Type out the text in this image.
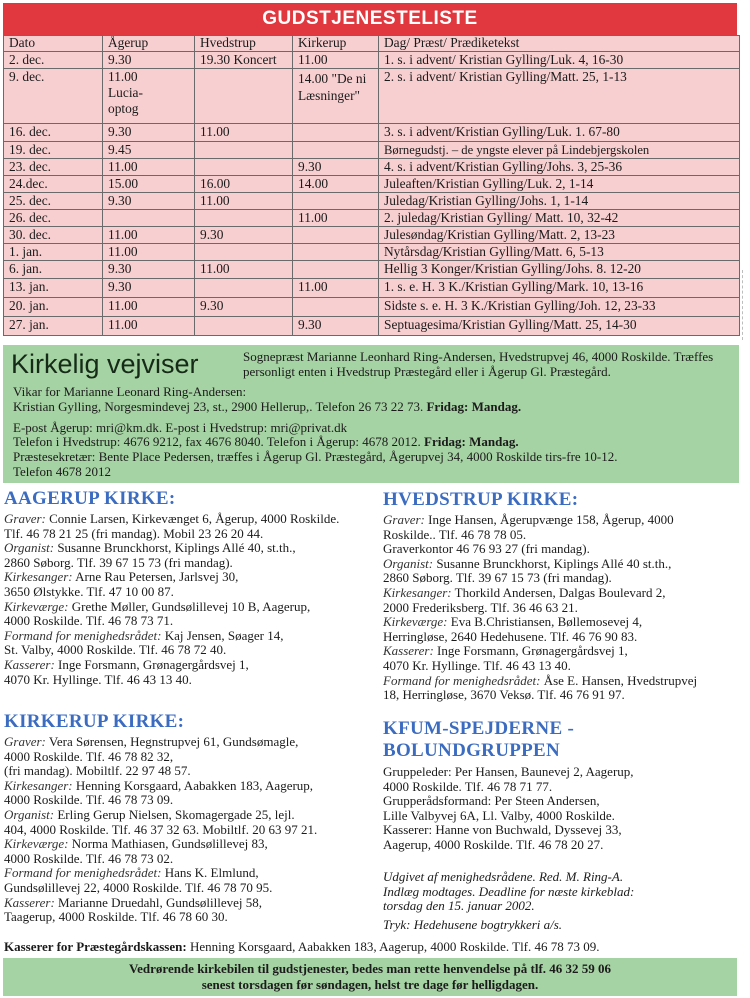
GUDSTJENESTELISTE
Dato	Ågerup	Hvedstrup	Kirkerup	Dag/ Præst/ Prædiketekst
2. dec.	9.30	19.30 Koncert	11.00	1. s. i advent/ Kristian Gylling/Luk. 4, 16-30
9. dec.	11.00 Lucia-optog		14.00 "De ni Læsninger"	2. s. i advent/ Kristian Gylling/Matt. 25, 1-13
16. dec.	9.30	11.00		3. s. i advent/Kristian Gylling/Luk. 1. 67-80
19. dec.	9.45			Børnegudstj. – de yngste elever på Lindebjergskolen
23. dec.	11.00		9.30	4. s. i advent/Kristian Gylling/Johs. 3, 25-36
24.dec.	15.00	16.00	14.00	Juleaften/Kristian Gylling/Luk. 2, 1-14
25. dec.	9.30	11.00		Juledag/Kristian Gylling/Johs. 1, 1-14
26. dec.			11.00	2. juledag/Kristian Gylling/ Matt. 10, 32-42
30. dec.	11.00	9.30		Julesøndag/Kristian Gylling/Matt. 2, 13-23
1. jan.	11.00			Nytårsdag/Kristian Gylling/Matt. 6, 5-13
6. jan.	9.30	11.00		Hellig 3 Konger/Kristian Gylling/Johs. 8. 12-20
13. jan.	9.30		11.00	1. s. e. H. 3 K./Kristian Gylling/Mark. 10, 13-16
20. jan.	11.00	9.30		Sidste s. e. H. 3 K./Kristian Gylling/Joh. 12, 23-33
27. jan.	11.00		9.30	Septuagesima/Kristian Gylling/Matt. 25, 14-30
Kirkelig vejviser	Sognepræst Marianne Leonhard Ring-Andersen, Hvedstrupvej 46, 4000 Roskilde. Træffes personligt enten i Hvedstrup Præstegård eller i Ågerup Gl. Præstegård.
Vikar for Marianne Leonard Ring-Andersen:
Kristian Gylling, Norgesmindevej 23, st., 2900 Hellerup,. Telefon 26 73 22 73. Fridag: Mandag.
E-post Ågerup: mri@km.dk. E-post i Hvedstrup: mri@privat.dk
Telefon i Hvedstrup: 4676 9212, fax 4676 8040. Telefon i Ågerup: 4678 2012. Fridag: Mandag.
Præstesekretær: Bente Place Pedersen, træffes i Ågerup Gl. Præstegård, Ågerupvej 34, 4000 Roskilde tirs-fre 10-12.
Telefon 4678 2012
AAGERUP KIRKE:
Graver: Connie Larsen, Kirkevænget 6, Ågerup, 4000 Roskilde.
Tlf. 46 78 21 25 (fri mandag). Mobil 23 26 20 44.
Organist: Susanne Brunckhorst, Kiplings Allé 40, st.th.,
2860 Søborg. Tlf. 39 67 15 73 (fri mandag).
Kirkesanger: Arne Rau Petersen, Jarlsvej 30,
3650 Ølstykke. Tlf. 47 10 00 87.
Kirkeværge: Grethe Møller, Gundsølillevej 10 B, Aagerup,
4000 Roskilde. Tlf. 46 78 73 71.
Formand for menighedsrådet: Kaj Jensen, Søager 14,
St. Valby, 4000 Roskilde. Tlf. 46 78 72 40.
Kasserer: Inge Forsmann, Grønagergårdsvej 1,
4070 Kr. Hyllinge. Tlf. 46 43 13 40.
KIRKERUP KIRKE:
Graver: Vera Sørensen, Hegnstrupvej 61, Gundsømagle,
4000 Roskilde. Tlf. 46 78 82 32,
(fri mandag). Mobiltlf. 22 97 48 57.
Kirkesanger: Henning Korsgaard, Aabakken 183, Aagerup,
4000 Roskilde. Tlf. 46 78 73 09.
Organist: Erling Gerup Nielsen, Skomagergade 25, lejl.
404, 4000 Roskilde. Tlf. 46 37 32 63. Mobiltlf. 20 63 97 21.
Kirkeværge: Norma Mathiasen, Gundsølillevej 83,
4000 Roskilde. Tlf. 46 78 73 02.
Formand for menighedsrådet: Hans K. Elmlund,
Gundsølillevej 22, 4000 Roskilde. Tlf. 46 78 70 95.
Kasserer: Marianne Druedahl, Gundsølillevej 58,
Taagerup, 4000 Roskilde. Tlf. 46 78 60 30.
HVEDSTRUP KIRKE:
Graver: Inge Hansen, Ågerupvænge 158, Ågerup, 4000
Roskilde.. Tlf. 46 78 78 05.
Graverkontor 46 76 93 27 (fri mandag).
Organist: Susanne Brunckhorst, Kiplings Allé 40 st.th.,
2860 Søborg. Tlf. 39 67 15 73 (fri mandag).
Kirkesanger: Thorkild Andersen, Dalgas Boulevard 2,
2000 Frederiksberg. Tlf. 36 46 63 21.
Kirkeværge: Eva B.Christiansen, Bøllemosevej 4,
Herringløse, 2640 Hedehusene. Tlf. 46 76 90 83.
Kasserer: Inge Forsmann, Grønagergårdsvej 1,
4070 Kr. Hyllinge. Tlf. 46 43 13 40.
Formand for menighedsrådet: Åse E. Hansen, Hvedstrupvej
18, Herringløse, 3670 Veksø. Tlf. 46 76 91 97.
KFUM-SPEJDERNE -
BOLUNDGRUPPEN
Gruppeleder: Per Hansen, Baunevej 2, Aagerup,
4000 Roskilde. Tlf. 46 78 71 77.
Grupperådsformand: Per Steen Andersen,
Lille Valbyvej 6A, Ll. Valby, 4000 Roskilde.
Kasserer: Hanne von Buchwald, Dyssevej 33,
Aagerup, 4000 Roskilde. Tlf. 46 78 20 27.
Udgivet af menighedsrådene. Red. M. Ring-A.
Indlæg modtages. Deadline for næste kirkeblad:
torsdag den 15. januar 2002.
Tryk: Hedehusene bogtrykkeri a/s.
Kasserer for Præstegårdskassen: Henning Korsgaard, Aabakken 183, Aagerup, 4000 Roskilde. Tlf. 46 78 73 09.
Vedrørende kirkebilen til gudstjenester, bedes man rette henvendelse på tlf. 46 32 59 06
senest torsdagen før søndagen, helst tre dage før helligdagen.
